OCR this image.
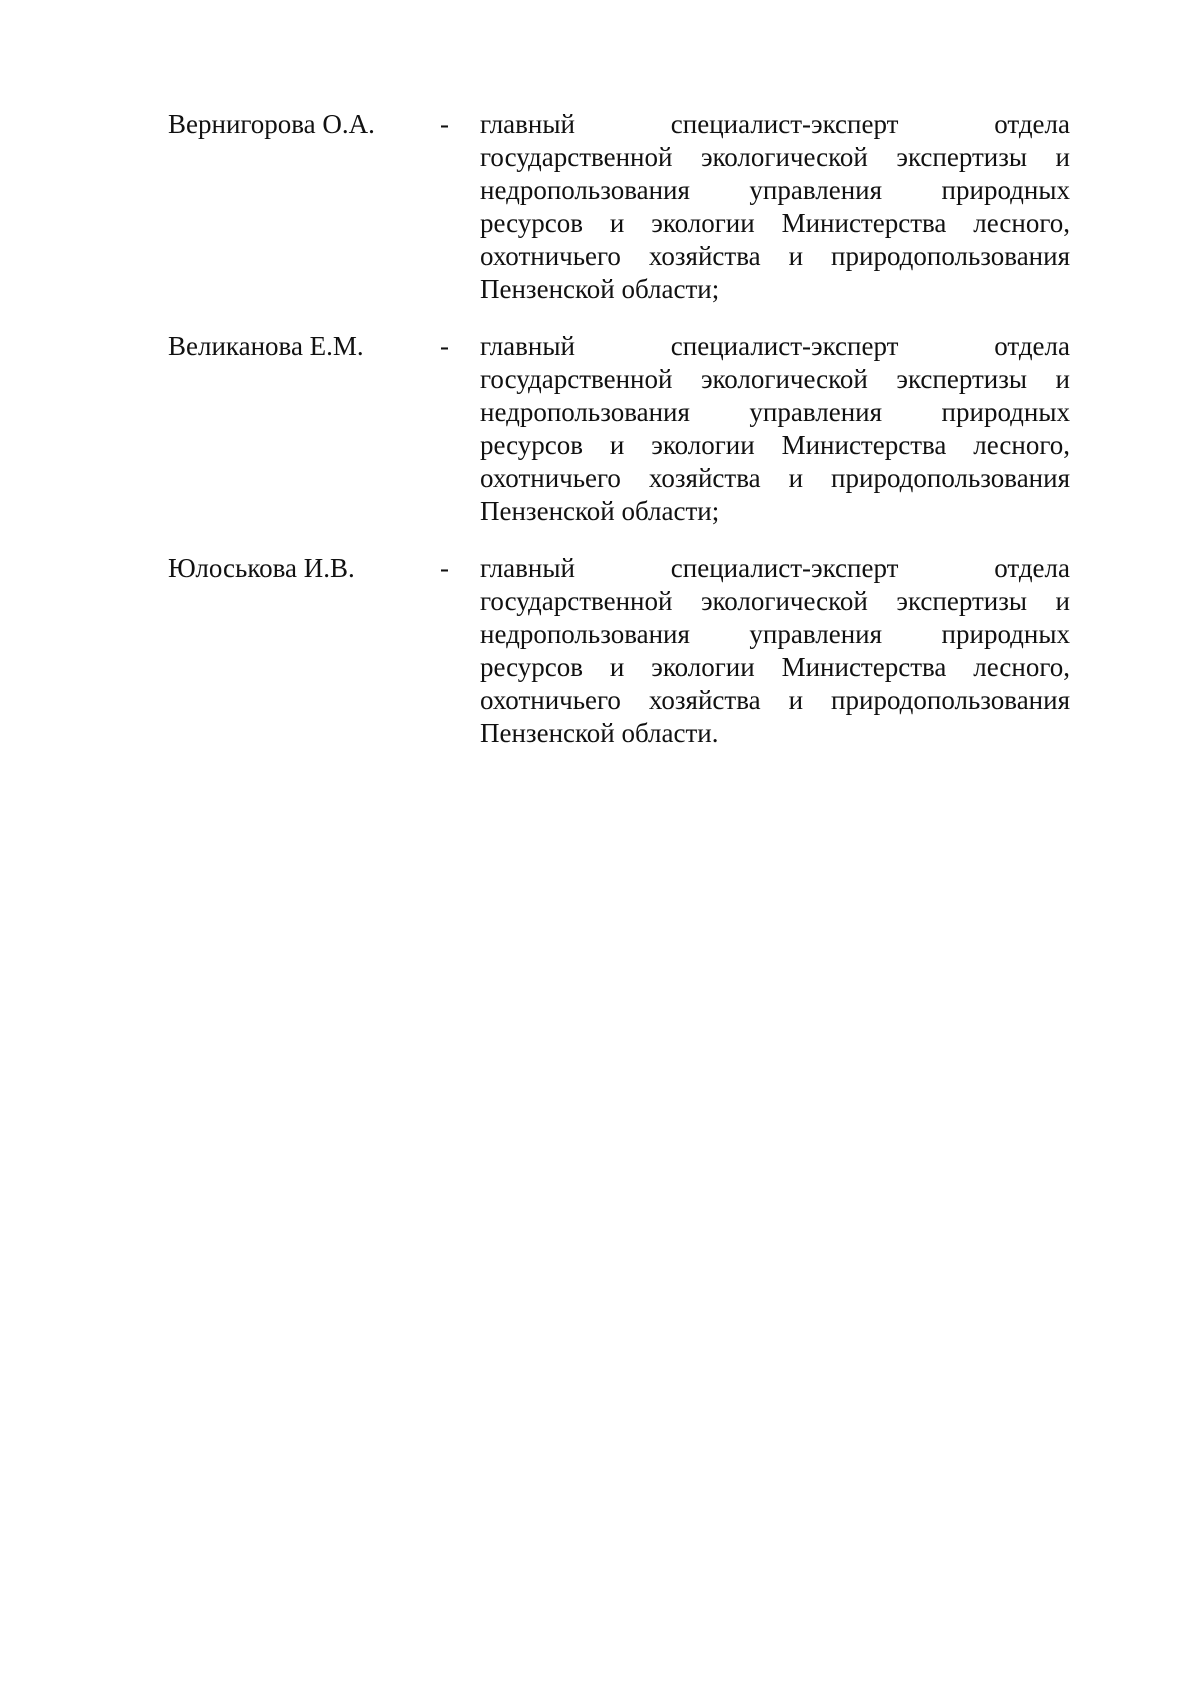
Вернигорова О.А.	-	главный специалист-эксперт отдела государственной экологической экспертизы и недропользования управления природных ресурсов и экологии Министерства лесного, охотничьего хозяйства и природопользования Пензенской области;
Великанова Е.М.	-	главный специалист-эксперт отдела государственной экологической экспертизы и недропользования управления природных ресурсов и экологии Министерства лесного, охотничьего хозяйства и природопользования Пензенской области;
Юлоськова И.В.	-	главный специалист-эксперт отдела государственной экологической экспертизы и недропользования управления природных ресурсов и экологии Министерства лесного, охотничьего хозяйства и природопользования Пензенской области.
